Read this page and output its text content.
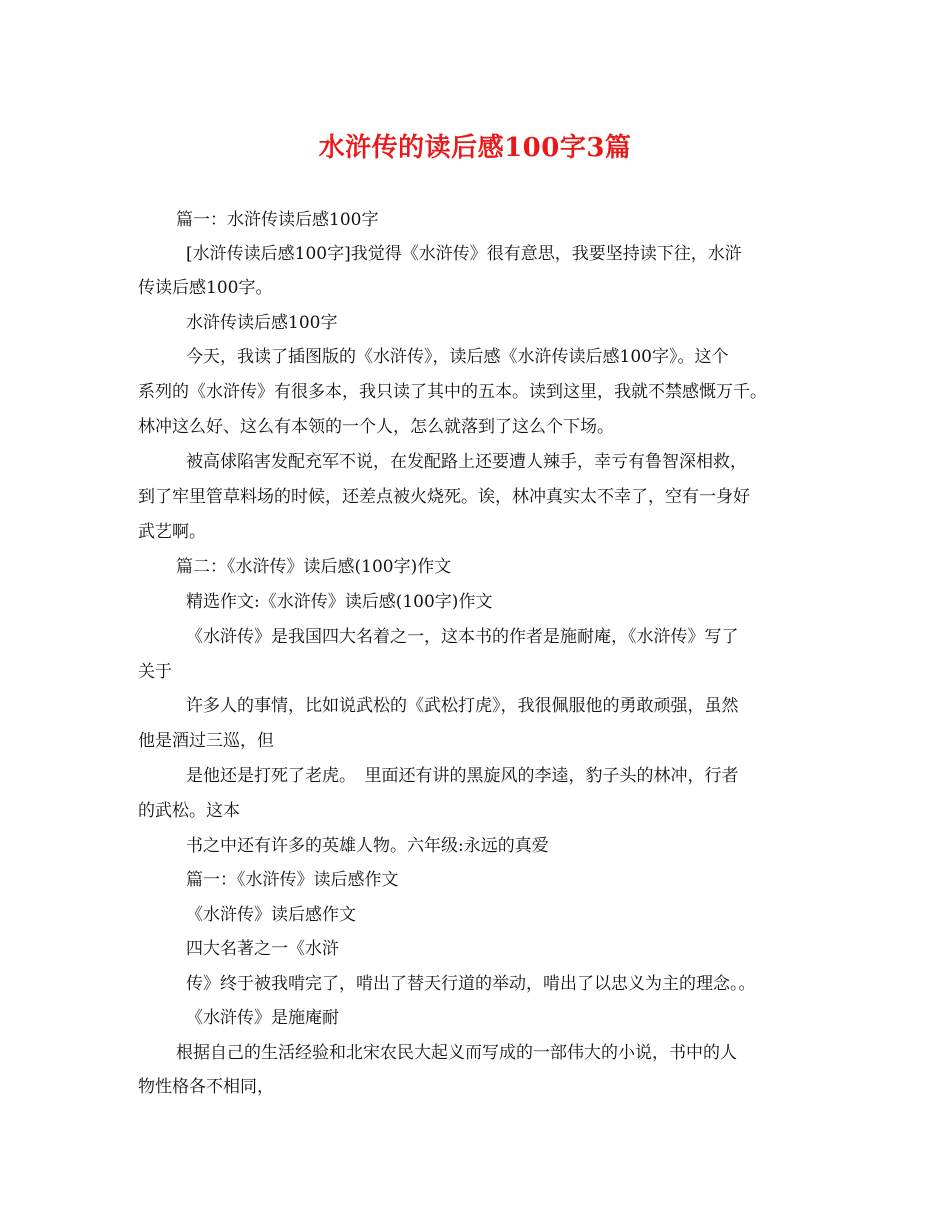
水浒传的读后感100字3篇
篇一：水浒传读后感100字
[水浒传读后感100字]我觉得《水浒传》很有意思，我要坚持读下往，水浒
传读后感100字。
水浒传读后感100字
今天，我读了插图版的《水浒传》，读后感《水浒传读后感100字》。这个
系列的《水浒传》有很多本，我只读了其中的五本。读到这里，我就不禁感慨万千。
林冲这么好、这么有本领的一个人，怎么就落到了这么个下场。
被高俅陷害发配充军不说，在发配路上还要遭人辣手，幸亏有鲁智深相救，
到了牢里管草料场的时候，还差点被火烧死。诶，林冲真实太不幸了，空有一身好
武艺啊。
篇二：《水浒传》读后感(100字)作文
精选作文:《水浒传》读后感(100字)作文
《水浒传》是我国四大名着之一，这本书的作者是施耐庵，《水浒传》写了
关于
许多人的事情，比如说武松的《武松打虎》，我很佩服他的勇敢顽强，虽然
他是酒过三巡，但
是他还是打死了老虎。　里面还有讲的黑旋风的李逵，豹子头的林冲，行者
的武松。这本
书之中还有许多的英雄人物。六年级:永远的真爱
篇一：《水浒传》读后感作文
《水浒传》读后感作文
四大名著之一《水浒
传》终于被我啃完了，啃出了替天行道的举动，啃出了以忠义为主的理念。。
《水浒传》是施庵耐
根据自己的生活经验和北宋农民大起义而写成的一部伟大的小说，书中的人
物性格各不相同，
